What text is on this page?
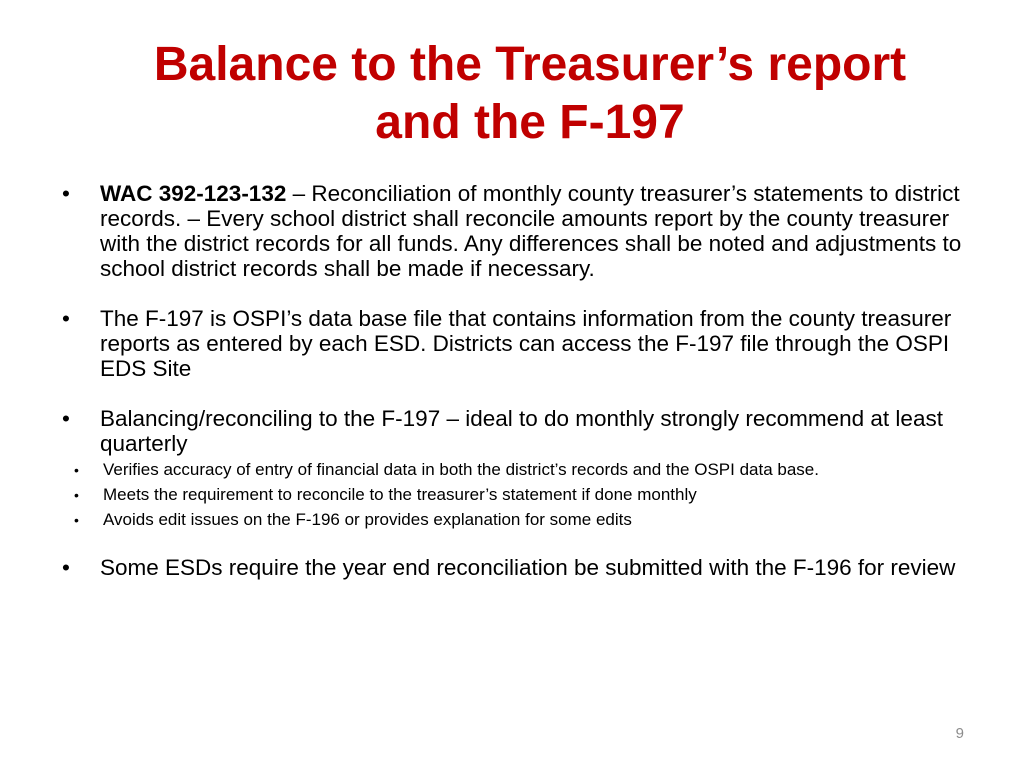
Balance to the Treasurer’s report
and the F-197
• WAC 392-123-132 – Reconciliation of monthly county treasurer’s statements to district records. – Every school district shall reconcile amounts report by the county treasurer with the district records for all funds. Any differences shall be noted and adjustments to school district records shall be made if necessary.
• The F-197 is OSPI’s data base file that contains information from the county treasurer reports as entered by each ESD. Districts can access the F-197 file through the OSPI EDS Site
• Balancing/reconciling to the F-197 – ideal to do monthly strongly recommend at least quarterly
• Verifies accuracy of entry of financial data in both the district’s records and the OSPI data base.
• Meets the requirement to reconcile to the treasurer’s statement if done monthly
• Avoids edit issues on the F-196 or provides explanation for some edits
• Some ESDs require the year end reconciliation be submitted with the F-196 for review
9
